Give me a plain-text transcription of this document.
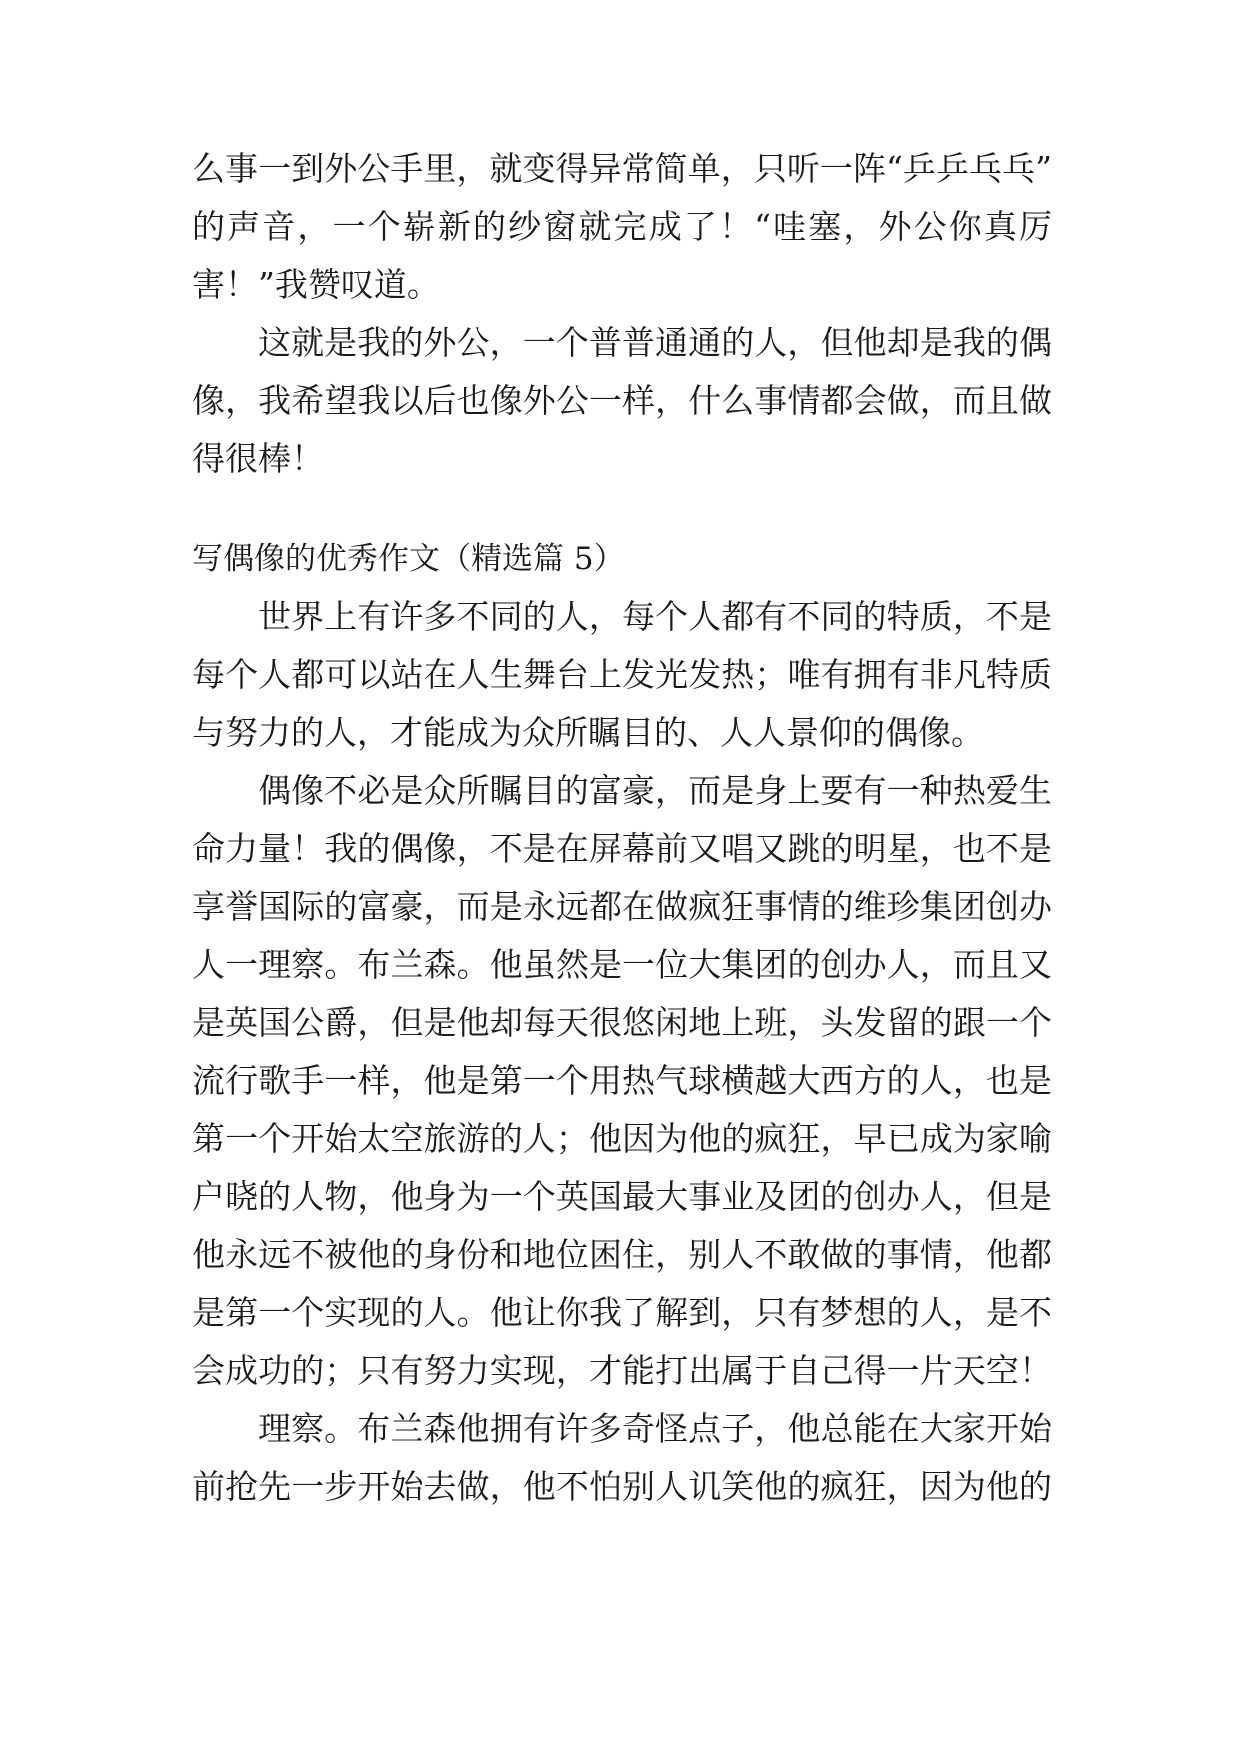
么事一到外公手里，就变得异常简单，只听一阵“乒乒乓乓”
的声音，一个崭新的纱窗就完成了！“哇塞，外公你真厉
害！”我赞叹道。
这就是我的外公，一个普普通通的人，但他却是我的偶
像，我希望我以后也像外公一样，什么事情都会做，而且做
得很棒！
写偶像的优秀作文（精选篇 5）
世界上有许多不同的人，每个人都有不同的特质，不是
每个人都可以站在人生舞台上发光发热；唯有拥有非凡特质
与努力的人，才能成为众所瞩目的、人人景仰的偶像。
偶像不必是众所瞩目的富豪，而是身上要有一种热爱生
命力量！我的偶像，不是在屏幕前又唱又跳的明星，也不是
享誉国际的富豪，而是永远都在做疯狂事情的维珍集团创办
人一理察。布兰森。他虽然是一位大集团的创办人，而且又
是英国公爵，但是他却每天很悠闲地上班，头发留的跟一个
流行歌手一样，他是第一个用热气球横越大西方的人，也是
第一个开始太空旅游的人；他因为他的疯狂，早已成为家喻
户晓的人物，他身为一个英国最大事业及团的创办人，但是
他永远不被他的身份和地位困住，别人不敢做的事情，他都
是第一个实现的人。他让你我了解到，只有梦想的人，是不
会成功的；只有努力实现，才能打出属于自己得一片天空！
理察。布兰森他拥有许多奇怪点子，他总能在大家开始
前抢先一步开始去做，他不怕别人讥笑他的疯狂，因为他的
